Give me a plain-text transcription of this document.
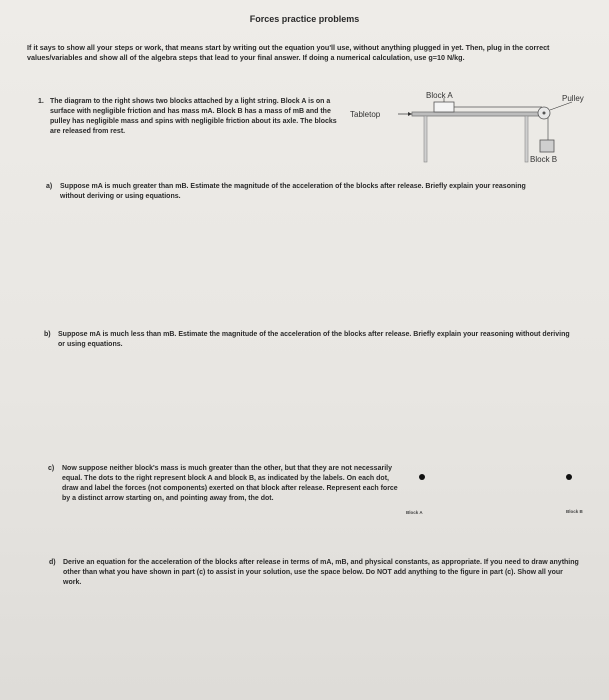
Forces practice problems
If it says to show all your steps or work, that means start by writing out the equation you'll use, without anything plugged in yet. Then, plug in the correct values/variables and show all of the algebra steps that lead to your final answer. If doing a numerical calculation, use g=10 N/kg.
1. The diagram to the right shows two blocks attached by a light string. Block A is on a surface with negligible friction and has mass mA. Block B has a mass of mB and the pulley has negligible mass and spins with negligible friction about its axle. The blocks are released from rest.
Block A	Pulley
Tabletop
Block B
a) Suppose mA is much greater than mB. Estimate the magnitude of the acceleration of the blocks after release. Briefly explain your reasoning without deriving or using equations.
b) Suppose mA is much less than mB. Estimate the magnitude of the acceleration of the blocks after release. Briefly explain your reasoning without deriving or using equations.
c) Now suppose neither block's mass is much greater than the other, but that they are not necessarily equal. The dots to the right represent block A and block B, as indicated by the labels. On each dot, draw and label the forces (not components) exerted on that block after release. Represent each force by a distinct arrow starting on, and pointing away from, the dot.
Block A	Block B
d) Derive an equation for the acceleration of the blocks after release in terms of mA, mB, and physical constants, as appropriate. If you need to draw anything other than what you have shown in part (c) to assist in your solution, use the space below. Do NOT add anything to the figure in part (c). Show all your work.
